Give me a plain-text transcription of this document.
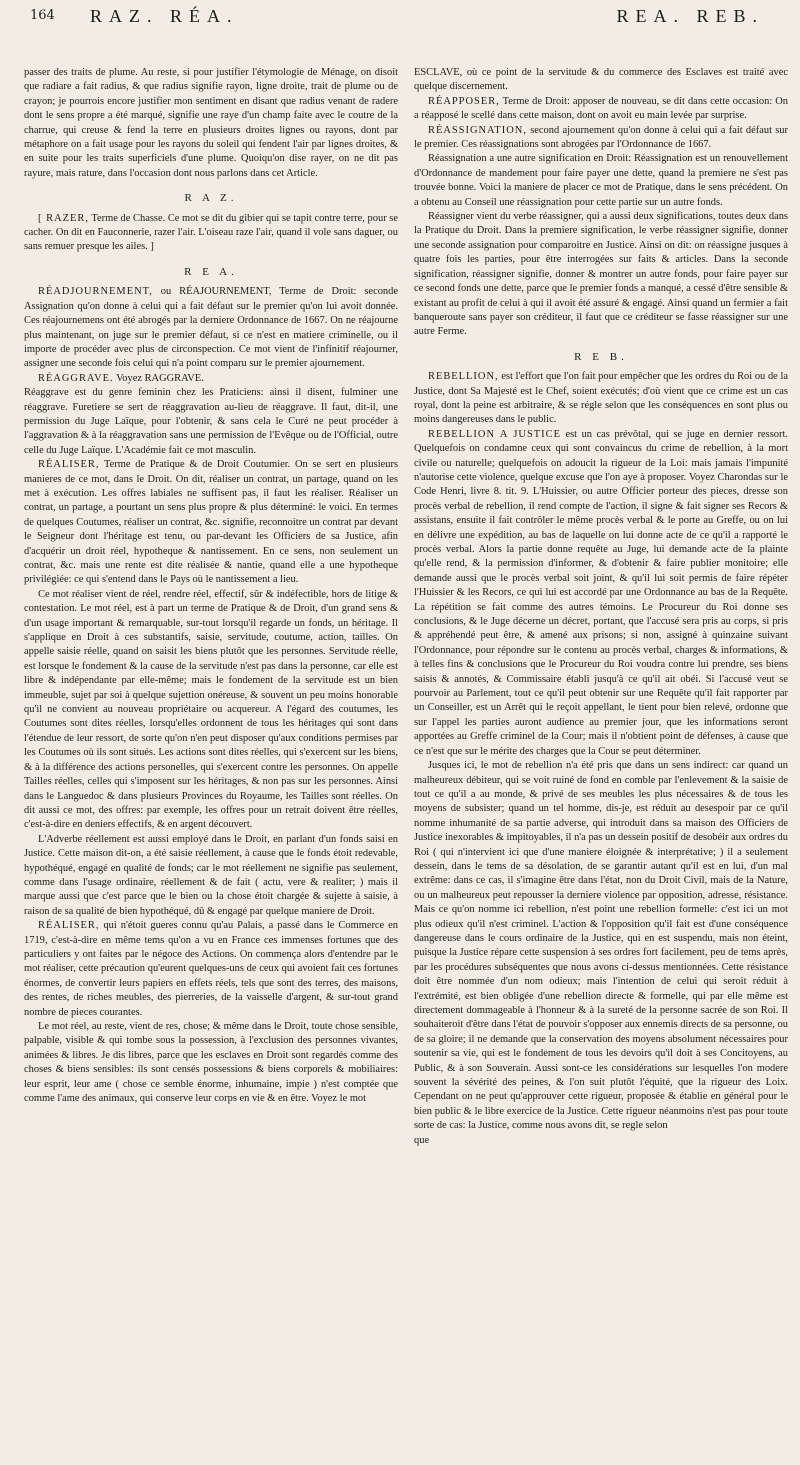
164 RAZ. RÉA.	REA. REB.

passer des traits de plume. Au reste, si pour justifier l'étymologie de Ménage, on disoit que radiare a fait radius, & que radius signifie rayon, ligne droite, trait de plume ou de crayon; je pourrois encore justifier mon sentiment en disant que radius venant de radere dont le sens propre a été marqué, signifie une raye d'un champ faite avec le coutre de la charrue, qui creuse & fend la terre en plusieurs droites lignes ou rayons, dont par métaphore on a fait usage pour les rayons du soleil qui fendent l'air par lignes droites, & en suite pour les traits superficiels d'une plume. Quoiqu'on dise rayer, on ne dit pas rayure, mais rature, dans l'occasion dont nous parlons dans cet Article.

R A Z.

[ RAZER, Terme de Chasse. Ce mot se dit du gibier qui se tapit contre terre, pour se cacher. On dit en Fauconnerie, razer l'air. L'oiseau raze l'air, quand il vole sans daguer, ou sans remuer presque les ailes. ]

R E A.

RÉADJOURNEMENT, ou RÉAJOURNEMENT, Terme de Droit: seconde Assignation qu'on donne à celui qui a fait défaut sur le premier qu'on lui avoit donnée. Ces réajournemens ont été abrogés par la derniere Ordonnance de 1667. On ne réajourne plus maintenant, on juge sur le premier défaut, si ce n'est en matiere criminelle, ou il importe de procéder avec plus de circonspection. Ce mot vient de l'infinitif réajourner, assigner une seconde fois celui qui n'a point comparu sur le premier ajournement.

RÉAGGRAVE. Voyez RAGGRAVE.

Réaggrave est du genre feminin chez les Praticiens: ainsi il disent, fulminer une réaggrave. Furetiere se sert de réaggravation au-lieu de réaggrave. Il faut, dit-il, une permission du Juge Laïque, pour l'obtenir, & sans cela le Curé ne peut procéder à l'aggravation & à la réaggravation sans une permission de l'Evêque ou de l'Official, outre celle du Juge Laïque. L'Académie fait ce mot masculin.

RÉALISER, Terme de Pratique & de Droit Coutumier. On se sert en plusieurs manieres de ce mot, dans le Droit. On dit, réaliser un contrat, un partage, quand on les met à exécution. Les offres labiales ne suffisent pas, il faut les réaliser. Réaliser un contrat, un partage, a pourtant un sens plus propre & plus déterminé: le voici. En termes de quelques Coutumes, réaliser un contrat, &c. signifie, reconnoitre un contrat par devant le Seigneur dont l'héritage est tenu, ou par-devant les Officiers de sa Justice, afin d'acquérir un droit réel, hypotheque & nantissement. En ce sens, non seulement un contrat, &c. mais une rente est dite réalisée & nantie, quand elle a une hypotheque privilégiée: ce qui s'entend dans le Pays où le nantissement a lieu.

Ce mot réaliser vient de réel, rendre réel, effectif, sûr & indéfectible, hors de litige & contestation. Le mot réel, est à part un terme de Pratique & de Droit, d'un grand sens & d'un usage important & remarquable, sur-tout lorsqu'il regarde un fonds, un héritage. Il s'applique en Droit à ces substantifs, saisie, servitude, coutume, action, tailles. On appelle saisie réelle, quand on saisit les biens plutôt que les personnes. Servitude réelle, est lorsque le fondement & la cause de la servitude n'est pas dans la personne, car elle est libre & indépendante par elle-même; mais le fondement de la servitude est un bien immeuble, sujet par soi à quelque sujettion onéreuse, & souvent un peu moins honorable qu'il ne convient au nouveau propriétaire ou acquereur. A l'égard des coutumes, les Coutumes sont dites réelles, lorsqu'elles ordonnent de tous les héritages qui sont dans l'étendue de leur ressort, de sorte qu'on n'en peut disposer qu'aux conditions permises par les Coutumes où ils sont situés. Les actions sont dites réelles, qui s'exercent sur les biens, & à la différence des actions personelles, qui s'exercent contre les personnes. On appelle Tailles réelles, celles qui s'imposent sur les héritages, & non pas sur les personnes. Ainsi dans le Languedoc & dans plusieurs Provinces du Royaume, les Tailles sont réelles. On dit aussi ce mot, des offres: par exemple, les offres pour un retrait doivent être réelles, c'est-à-dire en deniers effectifs, & en argent découvert.

L'Adverbe réellement est aussi employé dans le Droit, en parlant d'un fonds saisi en Justice. Cette maison dit-on, a été saisie réellement, à cause que le fonds étoit redevable, hypothéqué, engagé en qualité de fonds; car le mot réellement ne signifie pas seulement, comme dans l'usage ordinaire, réellement & de fait ( actu, vere & realiter; ) mais il marque aussi que c'est parce que le bien ou la chose étoit chargée & sujette à saisie, à raison de sa qualité de bien hypothéqué, dû & engagé par quelque maniere de Droit.

RÉALISER, qui n'étoit gueres connu qu'au Palais, a passé dans le Commerce en 1719, c'est-à-dire en même tems qu'on a vu en France ces immenses fortunes que des particuliers y ont faites par le négoce des Actions. On commença alors d'entendre par le mot réaliser, cette précaution qu'eurent quelques-uns de ceux qui avoient fait ces fortunes énormes, de convertir leurs papiers en effets réels, tels que sont des terres, des maisons, des rentes, de riches meubles, des pierreries, de la vaisselle d'argent, & sur-tout grand nombre de pieces courantes.

Le mot réel, au reste, vient de res, chose; & même dans le Droit, toute chose sensible, palpable, visible & qui tombe sous la possession, à l'exclusion des personnes vivantes, animées & libres. Je dis libres, parce que les esclaves en Droit sont regardés comme des choses & biens sensibles: ils sont censés possessions & biens corporels & mobiliaires: leur esprit, leur ame ( chose ce semble énorme, inhumaine, impie ) n'est comptée que comme l'ame des animaux, qui conserve leur corps en vie & en être. Voyez le mot

ESCLAVE, où ce point de la servitude & du commerce des Esclaves est traité avec quelque discernement.

RÉAPPOSER, Terme de Droit: apposer de nouveau, se dit dans cette occasion: On a réapposé le scellé dans cette maison, dont on avoit eu main levée par surprise.

RÉASSIGNATION, second ajournement qu'on donne à celui qui a fait défaut sur le premier. Ces réassignations sont abrogées par l'Ordonnance de 1667.

Réassignation a une autre signification en Droit: Réassignation est un renouvellement d'Ordonnance de mandement pour faire payer une dette, quand la premiere ne s'est pas trouvée bonne. Voici la maniere de placer ce mot de Pratique, dans le sens précédent. On a obtenu au Conseil une réassignation pour cette partie sur un autre fonds.

Réassigner vient du verbe réassigner, qui a aussi deux significations, toutes deux dans la Pratique du Droit. Dans la premiere signification, le verbe réassigner signifie, donner une seconde assignation pour comparoitre en Justice. Ainsi on dit: on réassigne jusques à quatre fois les parties, pour être interrogées sur faits & articles. Dans la seconde signification, réassigner signifie, donner & montrer un autre fonds, pour faire payer sur ce second fonds une dette, parce que le premier fonds a manqué, a cessé d'être sensible & existant au profit de celui à qui il avoit été assuré & engagé. Ainsi quand un fermier a fait banqueroute sans payer son créditeur, il faut que ce créditeur se fasse réassigner sur une autre Ferme.

R E B.

REBELLION, est l'effort que l'on fait pour empêcher que les ordres du Roi ou de la Justice, dont Sa Majesté est le Chef, soient exécutés; d'où vient que ce crime est un cas royal, dont la peine est arbitraire, & se régle selon que les conséquences en sont plus ou moins dangereuses dans le public.

REBELLION A JUSTICE est un cas prévôtal, qui se juge en dernier ressort. Quelquefois on condamne ceux qui sont convaincus du crime de rebellion, à la mort civile ou naturelle; quelquefois on adoucit la rigueur de la Loi: mais jamais l'impunité n'autorise cette violence, quelque excuse que l'on aye à proposer. Voyez Charondas sur le Code Henri, livre 8. tit. 9. L'Huissier, ou autre Officier porteur des pieces, dresse son procès verbal de rebellion, il rend compte de l'action, il signe & fait signer ses Recors & assistans, ensuite il fait contrôler le même procès verbal & le porte au Greffe, ou on lui en délivre une expédition, au bas de laquelle on lui donne acte de ce qu'il a rapporté le procès verbal. Alors la partie donne requête au Juge, lui demande acte de la plainte qu'elle rend, & la permission d'informer, & d'obtenir & faire publier monitoire; elle demande aussi que le procès verbal soit joint, & qu'il lui soit permis de faire répéter l'Huissier & les Recors, ce qui lui est accordé par une Ordonnance au bas de la Requête. La répétition se fait comme des autres témoins. Le Procureur du Roi donne ses conclusions, & le Juge décerne un décret, portant, que l'accusé sera pris au corps, si pris & appréhendé peut être, & amené aux prisons; si non, assigné à quinzaine suivant l'Ordonnance, pour répondre sur le contenu au procès verbal, charges & informations, & à telles fins & conclusions que le Procureur du Roi voudra contre lui prendre, ses biens saisis & annotés, & Commissaire établi jusqu'à ce qu'il ait obéi. Si l'accusé veut se pourvoir au Parlement, tout ce qu'il peut obtenir sur une Requête qu'il fait rapporter par un Conseiller, est un Arrêt qui le reçoit appellant, le tient pour bien relevé, ordonne que sur l'appel les parties auront audience au premier jour, que les informations seront apportées au Greffe criminel de la Cour; mais il n'obtient point de défenses, à cause que ce n'est que sur le mérite des charges que la Cour se peut déterminer.

Jusques ici, le mot de rebellion n'a été pris que dans un sens indirect: car quand un malheureux débiteur, qui se voit ruiné de fond en comble par l'enlevement & la saisie de tout ce qu'il a au monde, & privé de ses meubles les plus nécessaires & de tous les moyens de subsister; quand un tel homme, dis-je, est réduit au desespoir par ce qu'il nomme inhumanité de sa partie adverse, qui introduit dans sa maison des Officiers de Justice inexorables & impitoyables, il n'a pas un dessein positif de desobéir aux ordres du Roi ( qui n'intervient ici que d'une maniere éloignée & interprétative; ) il a seulement dessein, dans le tems de sa désolation, de se garantir autant qu'il est en lui, d'un mal extrême: dans ce cas, il s'imagine être dans l'état, non du Droit Civil, mais de la Nature, ou un malheureux peut repousser la derniere violence par opposition, adresse, résistance. Mais ce qu'on nomme ici rebellion, n'est point une rebellion formelle: c'est ici un mot plus odieux qu'il n'est criminel. L'action & l'opposition qu'il fait est d'une conséquence dangereuse dans le cours ordinaire de la Justice, qui en est suspendu, mais non éteint, puisque la Justice répare cette suspension à ses ordres fort facilement, peu de tems après, par les procédures subséquentes que nous avons ci-dessus mentionnées. Cette résistance doit être nommée d'un nom odieux; mais l'intention de celui qui seroit réduit à l'extrémité, est bien obligée d'une rebellion directe & formelle, qui par elle même est directement dommageable à l'honneur & à la sureté de la personne sacrée de son Roi. Il souhaiteroit d'être dans l'état de pouvoir s'opposer aux ennemis directs de sa personne, ou de sa gloire; il ne demande que la conservation des moyens absolument nécessaires pour soutenir sa vie, qui est le fondement de tous les devoirs qu'il doit à ses Concitoyens, au Public, & à son Souverain. Aussi sont-ce les considérations sur lesquelles l'on modere souvent la sévérité des peines, & l'on suit plutôt l'équité, que la rigueur des Loix. Cependant on ne peut qu'approuver cette rigueur, proposée & établie en général pour le bien public & le libre exercice de la Justice. Cette rigueur néanmoins n'est pas pour toute sorte de cas: la Justice, comme nous avons dit, se regle selon

que
